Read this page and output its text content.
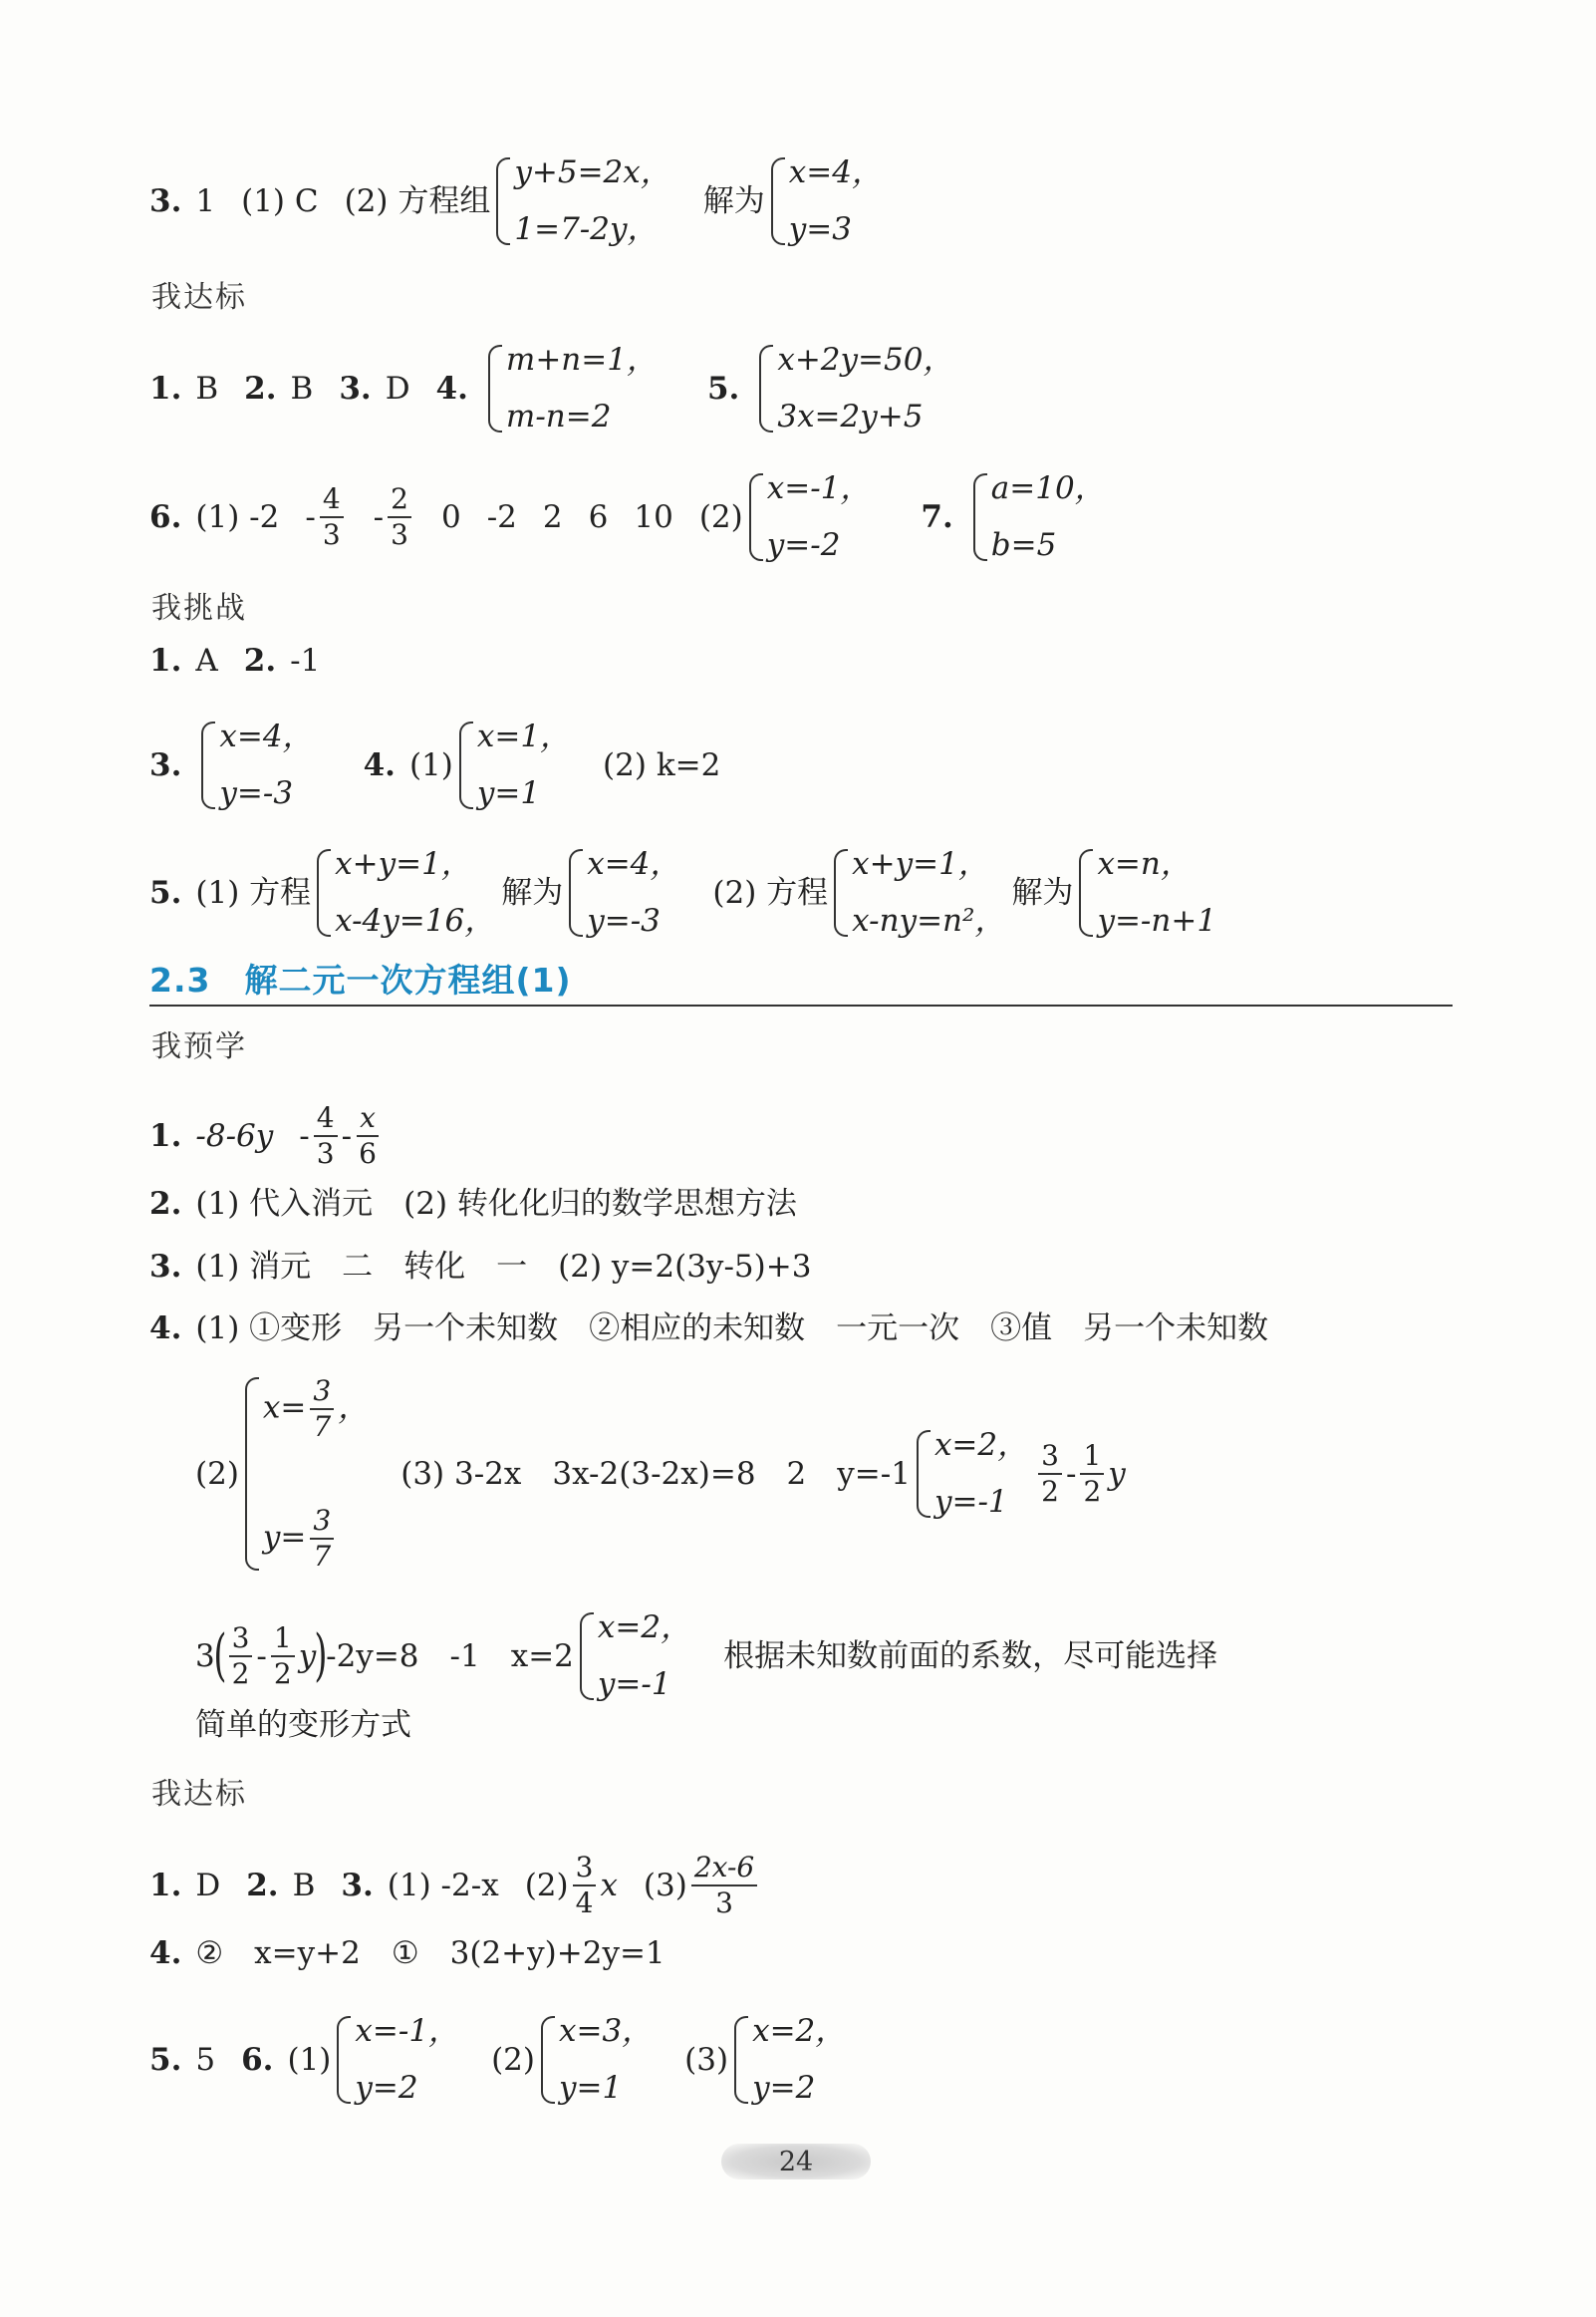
3. 1 (1) C (2) 方程组
y+5=2x，
1=7-2y，
解为
x=4，
y=3
我达标
1. B 2. B 3. D 4.
m+n=1，
m-n=2
5.
x+2y=50，
3x=2y+5
6. (1) $-2 - \frac{4}{3} - \frac{2}{3} 0$ -2 2 6 10 (2)
x=-1，
y=-2
7.
a=10，
b=5
我挑战
1. A 2. -1
3.
x=4，
y=-3
4. (1)
x=1，
y=1
(2) k=2
5. (1) 方程
x+y=1，
x-4y=16，
解为
x=4，
y=-3
(2) 方程
x+y=1，
x-ny=n²，
解为
x=n，
y=-n+1
2.3　解二元一次方程组(1)
我预学
1. $-8-6y - \frac{4}{3} - \frac{x}{6}$
2. (1) 代入消元　(2) 转化化归的数学思想方法
3. (1) 消元　二　转化　一　(2) y=2(3y-5)+3
4. (1) ①变形　另一个未知数　②相应的未知数　一元一次　③值　另一个未知数
(2)
$x= \frac{3}{7}$ ，
$y= \frac{3}{7}$
(3) 3-2x　3x-2(3-2x)=8　2　y=-1
x=2，
y=-1	$\frac{3}{2} - \frac{1}{2}$ y
3
( $\frac{3}{2} - \frac{1}{2}$ y
)
-2y=8　-1　x=2
x=2，
y=-1
根据未知数前面的系数，尽可能选择
简单的变形方式
我达标
1. D 2. B 3. (1) -2-x $(2) \frac{3}{4}$ x $(3) \frac{2x-6}{3}$
4. ②　x=y+2　①　3(2+y)+2y=1
5. 5 6. (1)
x=-1，
y=2
(2)
x=3，
y=1
(3)
x=2，
y=2
24
